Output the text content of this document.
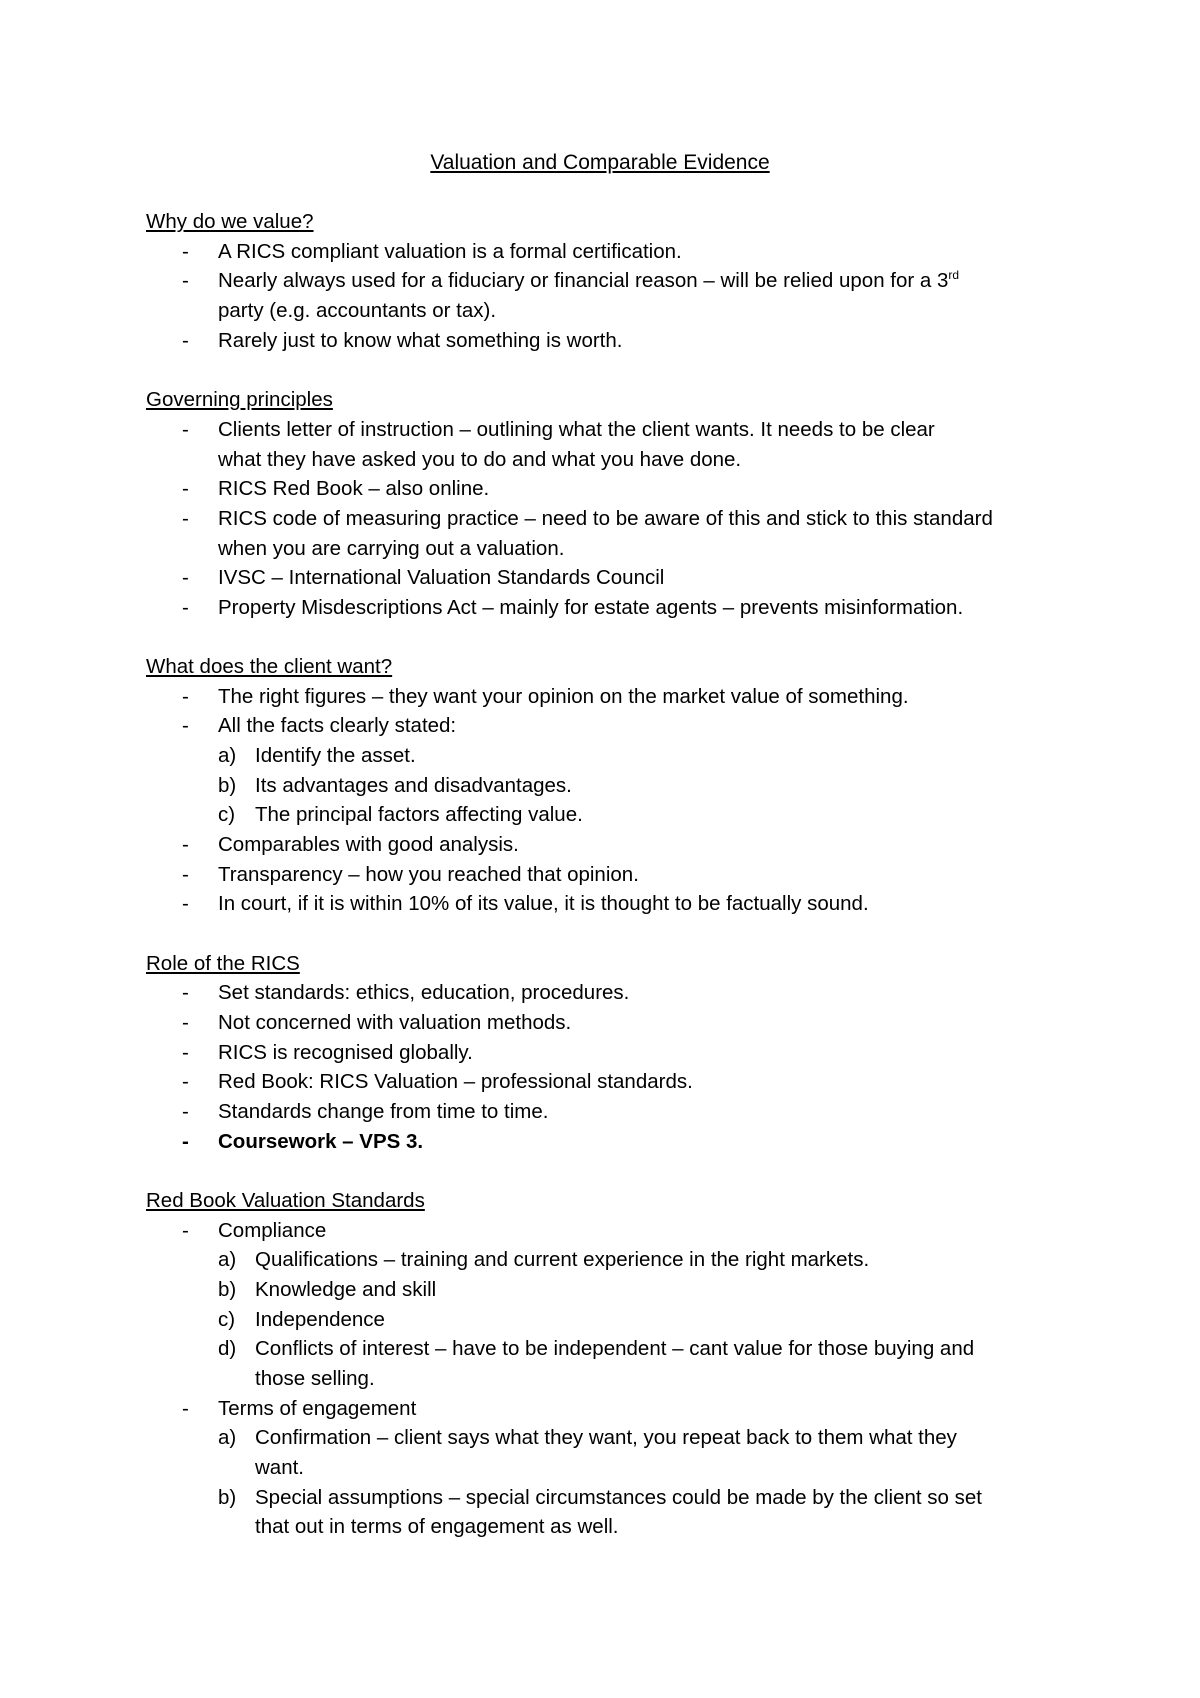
Valuation and Comparable Evidence
Why do we value?
- A RICS compliant valuation is a formal certification.
- Nearly always used for a fiduciary or financial reason – will be relied upon for a 3rd
party (e.g. accountants or tax).
- Rarely just to know what something is worth.
Governing principles
- Clients letter of instruction – outlining what the client wants. It needs to be clear
what they have asked you to do and what you have done.
- RICS Red Book – also online.
- RICS code of measuring practice – need to be aware of this and stick to this standard
when you are carrying out a valuation.
- IVSC – International Valuation Standards Council
- Property Misdescriptions Act – mainly for estate agents – prevents misinformation.
What does the client want?
- The right figures – they want your opinion on the market value of something.
- All the facts clearly stated:
a) Identify the asset.
b) Its advantages and disadvantages.
c) The principal factors affecting value.
- Comparables with good analysis.
- Transparency – how you reached that opinion.
- In court, if it is within 10% of its value, it is thought to be factually sound.
Role of the RICS
- Set standards: ethics, education, procedures.
- Not concerned with valuation methods.
- RICS is recognised globally.
- Red Book: RICS Valuation – professional standards.
- Standards change from time to time.
- Coursework – VPS 3.
Red Book Valuation Standards
- Compliance
a) Qualifications – training and current experience in the right markets.
b) Knowledge and skill
c) Independence
d) Conflicts of interest – have to be independent – cant value for those buying and
those selling.
- Terms of engagement
a) Confirmation – client says what they want, you repeat back to them what they
want.
b) Special assumptions – special circumstances could be made by the client so set
that out in terms of engagement as well.
